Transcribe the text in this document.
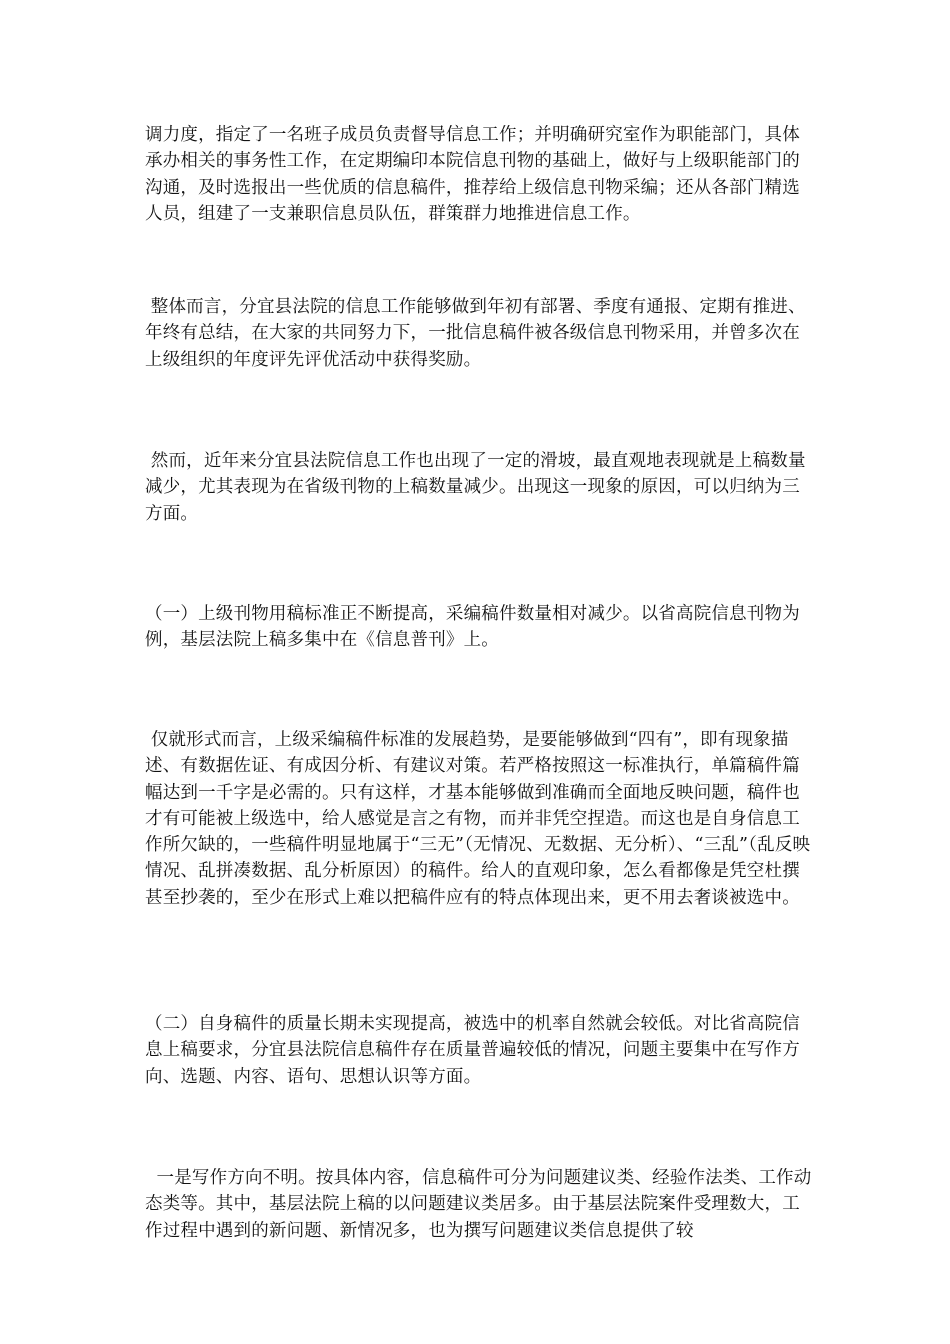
调力度，指定了一名班子成员负责督导信息工作；并明确研究室作为职能部门，具体承办相关的事务性工作，在定期编印本院信息刊物的基础上，做好与上级职能部门的沟通，及时选报出一些优质的信息稿件，推荐给上级信息刊物采编；还从各部门精选人员，组建了一支兼职信息员队伍，群策群力地推进信息工作。

整体而言，分宜县法院的信息工作能够做到年初有部署、季度有通报、定期有推进、年终有总结，在大家的共同努力下，一批信息稿件被各级信息刊物采用，并曾多次在上级组织的年度评先评优活动中获得奖励。

然而，近年来分宜县法院信息工作也出现了一定的滑坡，最直观地表现就是上稿数量减少，尤其表现为在省级刊物的上稿数量减少。出现这一现象的原因，可以归纳为三方面。

（一）上级刊物用稿标准正不断提高，采编稿件数量相对减少。以省高院信息刊物为例，基层法院上稿多集中在《信息普刊》上。

仅就形式而言，上级采编稿件标准的发展趋势，是要能够做到“四有”，即有现象描述、有数据佐证、有成因分析、有建议对策。若严格按照这一标准执行，单篇稿件篇幅达到一千字是必需的。只有这样，才基本能够做到准确而全面地反映问题，稿件也才有可能被上级选中，给人感觉是言之有物，而并非凭空捏造。而这也是自身信息工作所欠缺的，一些稿件明显地属于“三无”（无情况、无数据、无分析）、“三乱”（乱反映情况、乱拼凑数据、乱分析原因）的稿件。给人的直观印象，怎么看都像是凭空杜撰甚至抄袭的，至少在形式上难以把稿件应有的特点体现出来，更不用去奢谈被选中。

（二）自身稿件的质量长期未实现提高，被选中的机率自然就会较低。对比省高院信息上稿要求，分宜县法院信息稿件存在质量普遍较低的情况，问题主要集中在写作方向、选题、内容、语句、思想认识等方面。

一是写作方向不明。按具体内容，信息稿件可分为问题建议类、经验作法类、工作动态类等。其中，基层法院上稿的以问题建议类居多。由于基层法院案件受理数大，工作过程中遇到的新问题、新情况多，也为撰写问题建议类信息提供了较
